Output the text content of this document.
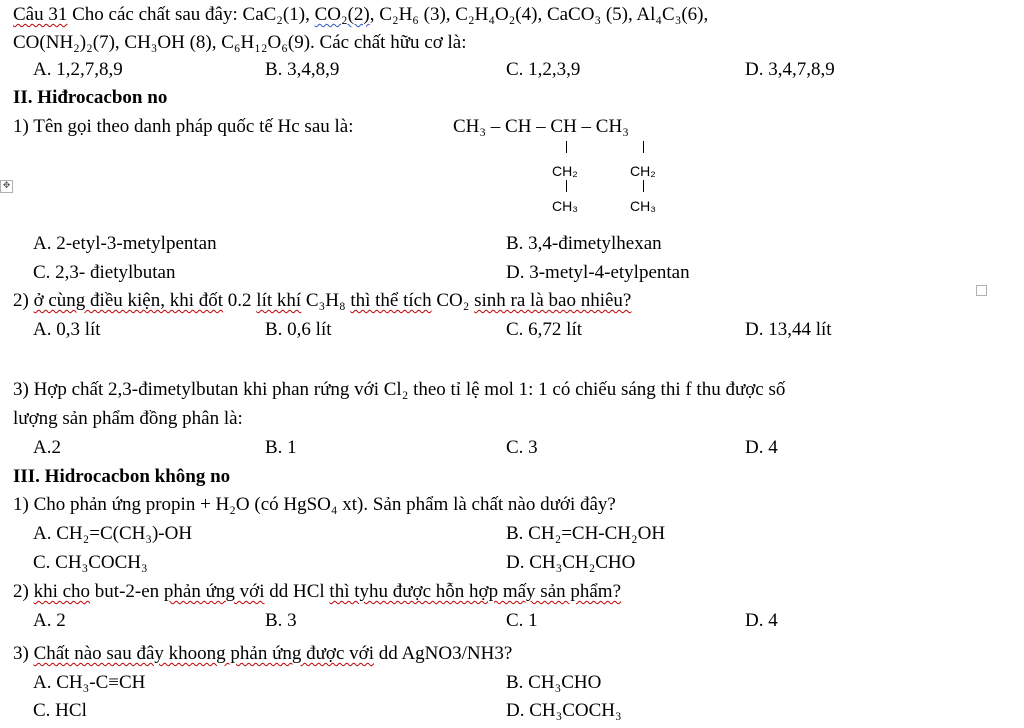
Câu 31 Cho các chất sau đây: CaC₂(1), CO₂(2), C₂H₆ (3), C₂H₄O₂(4), CaCO₃ (5), Al₄C₃(6),
CO(NH₂)₂(7), CH₃OH (8), C₆H₁₂O₆(9). Các chất hữu cơ là:
A. 1,2,7,8,9	B. 3,4,8,9	C. 1,2,3,9	D. 3,4,7,8,9
II. Hiđrocacbon no
1) Tên gọi theo danh pháp quốc tế Hc sau là:	CH₃ – CH – CH – CH₃
CH₂
CH₃
CH₂
CH₃
✥
A. 2-etyl-3-metylpentan	B. 3,4-đimetylhexan
C. 2,3- đietylbutan	D. 3-metyl-4-etylpentan
2) ở cùng điều kiện, khi đốt 0.2 lít khí C₃H₈ thì thể tích CO₂ sinh ra là bao nhiêu?
A. 0,3 lít	B. 0,6 lít	C. 6,72 lít	D. 13,44 lít
3) Hợp chất 2,3-đimetylbutan khi phan rứng với Cl₂ theo tỉ lệ mol 1: 1 có chiếu sáng thi f thu được số
lượng sản phẩm đồng phân là:
A.2	B. 1	C. 3	D. 4
III. Hidrocacbon không no
1) Cho phản ứng propin + H₂O (có HgSO₄ xt). Sản phẩm là chất nào dưới đây?
A. CH₂=C(CH₃)-OH	B. CH₂=CH-CH₂OH
C. CH₃COCH₃	D. CH₃CH₂CHO
2) khi cho but-2-en phản ứng với dd HCl thì tyhu được hỗn hợp mấy sản phẩm?
A. 2	B. 3	C. 1	D. 4
3) Chất nào sau đây khoong phản ứng được với dd AgNO3/NH3?
A. CH₃-C≡CH	B. CH₃CHO
C. HCl	D. CH₃COCH₃
